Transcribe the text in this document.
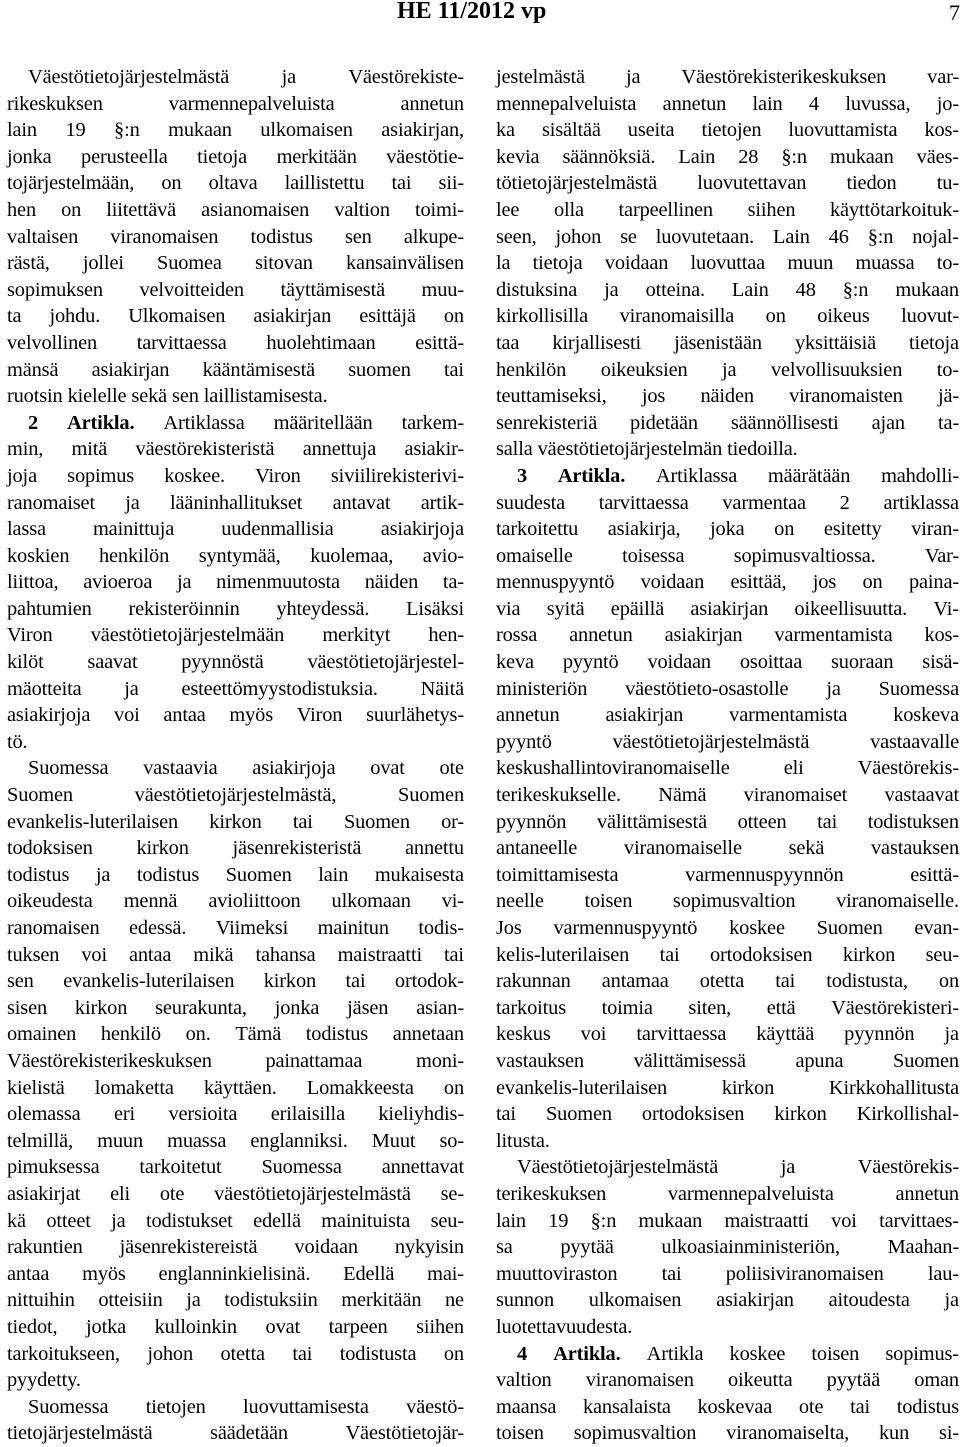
HE 11/2012 vp	7
Väestötietojärjestelmästä	ja	Väestörekiste-
rikeskuksen	varmennepalveluista	annetun
lain 19 §:n mukaan ulkomaisen asiakirjan,
jonka perusteella tietoja merkitään väestötie-
tojärjestelmään, on oltava laillistettu tai sii-
hen on liitettävä asianomaisen valtion toimi-
valtaisen viranomaisen todistus sen alkupe-
rästä, jollei Suomea sitovan kansainvälisen
sopimuksen velvoitteiden täyttämisestä muu-
ta johdu. Ulkomaisen asiakirjan esittäjä on
velvollinen tarvittaessa huolehtimaan esittä-
mänsä asiakirjan kääntämisestä suomen tai
ruotsin kielelle sekä sen laillistamisesta.
2 Artikla. Artiklassa määritellään tarkem-
min, mitä väestörekisteristä annettuja asiakir-
joja sopimus koskee. Viron siviilirekisterivi-
ranomaiset ja lääninhallitukset antavat artik-
lassa mainittuja uudenmallisia asiakirjoja
koskien henkilön syntymää, kuolemaa, avio-
liittoa, avioeroa ja nimenmuutosta näiden ta-
pahtumien rekisteröinnin yhteydessä. Lisäksi
Viron väestötietojärjestelmään merkityt hen-
kilöt saavat pyynnöstä väestötietojärjestel-
mäotteita ja esteettömyystodistuksia. Näitä
asiakirjoja voi antaa myös Viron suurlähetys-
tö.
Suomessa vastaavia asiakirjoja ovat ote
Suomen	väestötietojärjestelmästä,	Suomen
evankelis-luterilaisen kirkon tai Suomen or-
todoksisen kirkon jäsenrekisteristä annettu
todistus ja todistus Suomen lain mukaisesta
oikeudesta mennä avioliittoon ulkomaan vi-
ranomaisen edessä. Viimeksi mainitun todis-
tuksen voi antaa mikä tahansa maistraatti tai
sen evankelis-luterilaisen kirkon tai ortodok-
sisen kirkon seurakunta, jonka jäsen asian-
omainen henkilö on. Tämä todistus annetaan
Väestörekisterikeskuksen	painattamaa	moni-
kielistä lomaketta käyttäen. Lomakkeesta on
olemassa eri versioita erilaisilla kieliyhdis-
telmillä, muun muassa englanniksi. Muut so-
pimuksessa tarkoitetut Suomessa annettavat
asiakirjat eli ote väestötietojärjestelmästä se-
kä otteet ja todistukset edellä mainituista seu-
rakuntien jäsenrekistereistä voidaan nykyisin
antaa myös englanninkielisinä. Edellä mai-
nittuihin otteisiin ja todistuksiin merkitään ne
tiedot, jotka kulloinkin ovat tarpeen siihen
tarkoitukseen, johon otetta tai todistusta on
pyydetty.
Suomessa tietojen luovuttamisesta väestö-
tietojärjestelmästä	säädetään	Väestötietojär-
jestelmästä ja Väestörekisterikeskuksen var-
mennepalveluista annetun lain 4 luvussa, jo-
ka sisältää useita tietojen luovuttamista kos-
kevia säännöksiä. Lain 28 §:n mukaan väes-
tötietojärjestelmästä luovutettavan tiedon tu-
lee olla tarpeellinen siihen käyttötarkoituk-
seen, johon se luovutetaan. Lain 46 §:n nojal-
la tietoja voidaan luovuttaa muun muassa to-
distuksina ja otteina. Lain 48 §:n mukaan
kirkollisilla viranomaisilla on oikeus luovut-
taa kirjallisesti jäsenistään yksittäisiä tietoja
henkilön oikeuksien ja velvollisuuksien to-
teuttamiseksi, jos näiden viranomaisten jä-
senrekisteriä pidetään säännöllisesti ajan ta-
salla väestötietojärjestelmän tiedoilla.
3 Artikla. Artiklassa määrätään mahdolli-
suudesta tarvittaessa varmentaa 2 artiklassa
tarkoitettu asiakirja, joka on esitetty viran-
omaiselle toisessa sopimusvaltiossa. Var-
mennuspyyntö voidaan esittää, jos on paina-
via syitä epäillä asiakirjan oikeellisuutta. Vi-
rossa annetun asiakirjan varmentamista kos-
keva pyyntö voidaan osoittaa suoraan sisä-
ministeriön väestötieto-osastolle ja Suomessa
annetun asiakirjan varmentamista koskeva
pyyntö	väestötietojärjestelmästä	vastaavalle
keskushallintoviranomaiselle	eli	Väestörekis-
terikeskukselle. Nämä viranomaiset vastaavat
pyynnön välittämisestä otteen tai todistuksen
antaneelle viranomaiselle sekä vastauksen
toimittamisesta	varmennuspyynnön	esittä-
neelle toisen sopimusvaltion viranomaiselle.
Jos varmennuspyyntö koskee Suomen evan-
kelis-luterilaisen tai ortodoksisen kirkon seu-
rakunnan antamaa otetta tai todistusta, on
tarkoitus toimia siten, että Väestörekisteri-
keskus voi tarvittaessa käyttää pyynnön ja
vastauksen välittämisessä apuna Suomen
evankelis-luterilaisen	kirkon	Kirkkohallitusta
tai Suomen ortodoksisen kirkon Kirkollishal-
litusta.
Väestötietojärjestelmästä	ja	Väestörekis-
terikeskuksen	varmennepalveluista	annetun
lain 19 §:n mukaan maistraatti voi tarvittaes-
sa pyytää ulkoasiainministeriön, Maahan-
muuttoviraston tai poliisiviranomaisen lau-
sunnon ulkomaisen asiakirjan aitoudesta ja
luotettavuudesta.
4 Artikla. Artikla koskee toisen sopimus-
valtion viranomaisen oikeutta pyytää oman
maansa kansalaista koskevaa ote tai todistus
toisen sopimusvaltion viranomaiselta, kun si-
